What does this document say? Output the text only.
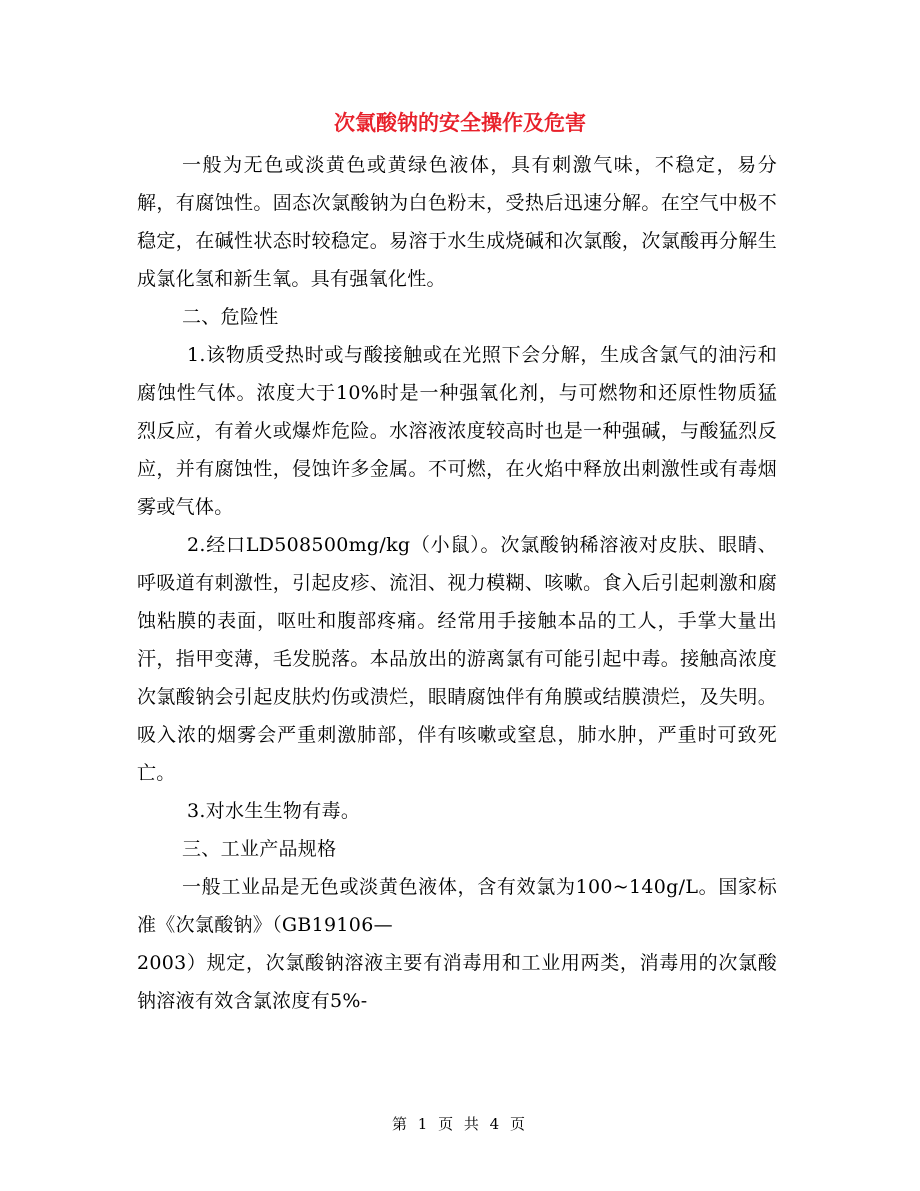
次氯酸钠的安全操作及危害

一般为无色或淡黄色或黄绿色液体，具有刺激气味，不稳定，易分解，有腐蚀性。固态次氯酸钠为白色粉末，受热后迅速分解。在空气中极不稳定，在碱性状态时较稳定。易溶于水生成烧碱和次氯酸，次氯酸再分解生成氯化氢和新生氧。具有强氧化性。

二、危险性

1.该物质受热时或与酸接触或在光照下会分解，生成含氯气的油污和腐蚀性气体。浓度大于10%时是一种强氧化剂，与可燃物和还原性物质猛烈反应，有着火或爆炸危险。水溶液浓度较高时也是一种强碱，与酸猛烈反应，并有腐蚀性，侵蚀许多金属。不可燃，在火焰中释放出刺激性或有毒烟雾或气体。

2.经口LD508500mg/kg（小鼠）。次氯酸钠稀溶液对皮肤、眼睛、呼吸道有刺激性，引起皮疹、流泪、视力模糊、咳嗽。食入后引起刺激和腐蚀粘膜的表面，呕吐和腹部疼痛。经常用手接触本品的工人，手掌大量出汗，指甲变薄，毛发脱落。本品放出的游离氯有可能引起中毒。接触高浓度次氯酸钠会引起皮肤灼伤或溃烂，眼睛腐蚀伴有角膜或结膜溃烂，及失明。吸入浓的烟雾会严重刺激肺部，伴有咳嗽或窒息，肺水肿，严重时可致死亡。

3.对水生生物有毒。

三、工业产品规格

一般工业品是无色或淡黄色液体，含有效氯为100~140g/L。国家标准《次氯酸钠》（GB19106—

2003）规定，次氯酸钠溶液主要有消毒用和工业用两类，消毒用的次氯酸钠溶液有效含氯浓度有5%-

第 1 页 共 4 页
